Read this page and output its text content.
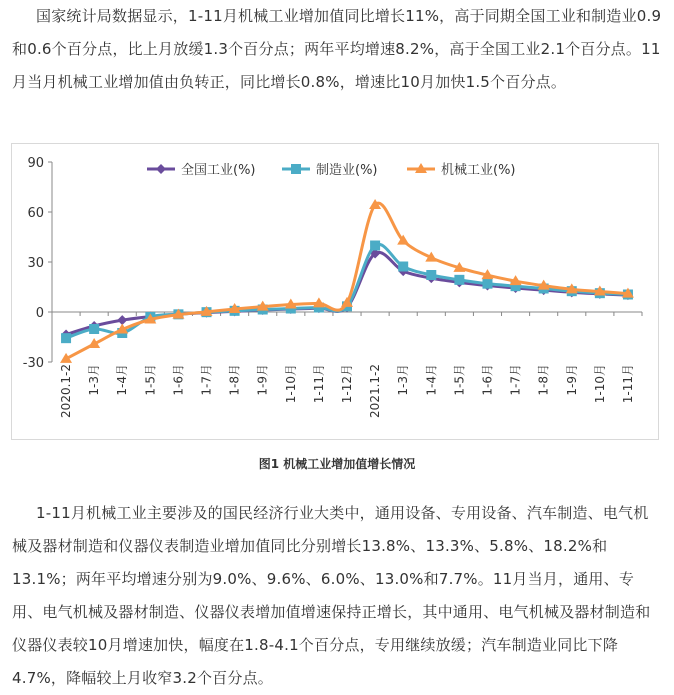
国家统计局数据显示，1-11月机械工业增加值同比增长11%，高于同期全国工业和制造业0.9和0.6个百分点，比上月放缓1.3个百分点；两年平均增速8.2%，高于全国工业2.1个百分点。11月当月机械工业增加值由负转正，同比增长0.8%，增速比10月加快1.5个百分点。
-30
0
30
60
90
2020.1-2 1-3月 1-4月 1-5月 1-6月 1-7月 1-8月 1-9月 1-10月 1-11月 1-12月 2021.1-2 1-3月 1-4月 1-5月 1-6月 1-7月 1-8月 1-9月 1-10月 1-11月
全国工业(%)	制造业(%)	机械工业(%)
图1 机械工业增加值增长情况
1-11月机械工业主要涉及的国民经济行业大类中，通用设备、专用设备、汽车制造、电气机械及器材制造和仪器仪表制造业增加值同比分别增长13.8%、13.3%、5.8%、18.2%和13.1%；两年平均增速分别为9.0%、9.6%、6.0%、13.0%和7.7%。11月当月，通用、专用、电气机械及器材制造、仪器仪表增加值增速保持正增长，其中通用、电气机械及器材制造和仪器仪表较10月增速加快，幅度在1.8-4.1个百分点，专用继续放缓；汽车制造业同比下降4.7%，降幅较上月收窄3.2个百分点。
